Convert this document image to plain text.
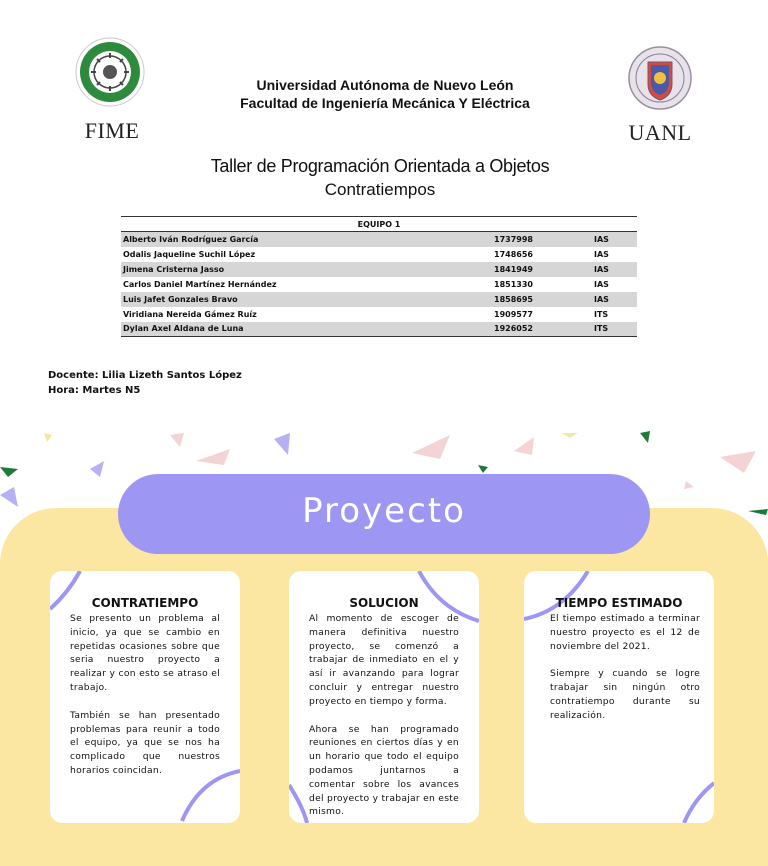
FIME	UANL
Universidad Autónoma de Nuevo León
Facultad de Ingeniería Mecánica Y Eléctrica
Taller de Programación Orientada a Objetos
Contratiempos
EQUIPO 1		
Alberto Iván Rodríguez García	1737998	IAS
Odalis Jaqueline Suchil López	1748656	IAS
Jimena Cristerna Jasso	1841949	IAS
Carlos Daniel Martínez Hernández	1851330	IAS
Luis Jafet Gonzales Bravo	1858695	IAS
Viridiana Nereida Gámez Ruíz	1909577	ITS
Dylan Axel Aldana de Luna	1926052	ITS
Docente: Lilia Lizeth Santos López
Hora: Martes N5
Proyecto
CONTRATIEMPO

Se presento un problema al inicio, ya que se cambio en repetidas ocasiones sobre que seria nuestro proyecto a realizar y con esto se atraso el trabajo.

También se han presentado problemas para reunir a todo el equipo, ya que se nos ha complicado que nuestros horarios coincidan.

SOLUCION

Al momento de escoger de manera definitiva nuestro proyecto, se comenzó a trabajar de inmediato en el y así ir avanzando para lograr concluir y entregar nuestro proyecto en tiempo y forma.

Ahora se han programado reuniones en ciertos días y en un horario que todo el equipo podamos juntarnos a comentar sobre los avances del proyecto y trabajar en este mismo.

TIEMPO ESTIMADO

El tiempo estimado a terminar nuestro proyecto es el 12 de noviembre del 2021.

Siempre y cuando se logre trabajar sin ningún otro contratiempo durante su realización.
